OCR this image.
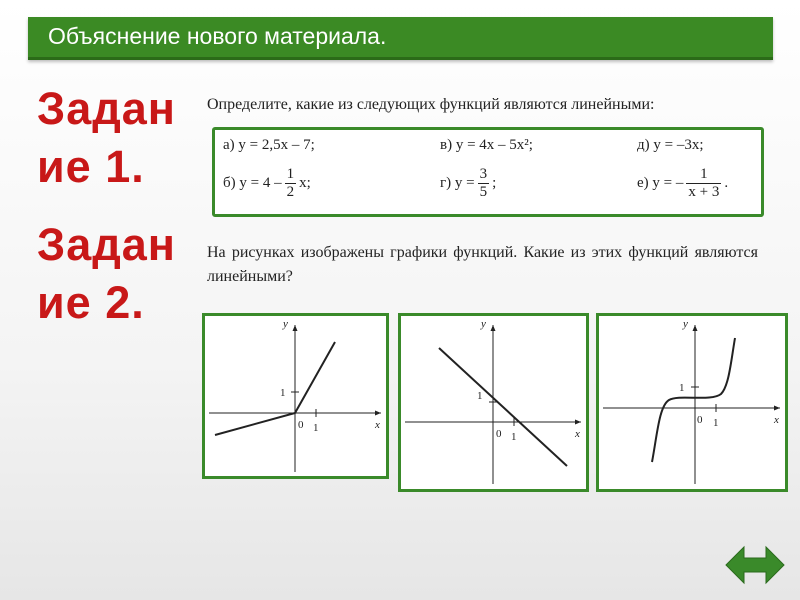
Объяснение нового материала.
Задан
ие 1.
Задан
ие 2.
Определите, какие из следующих функций являются линейными:
а) y = 2,5x – 7;	в) y = 4x – 5x²;	д) y = –3x;
б) $y = 4 - \frac{1}{2} x$;	г) $y = \frac{3}{5}$ ;	е) y = – $\frac{1}{x + 3}$ .
На рисунках изображены графики функций. Какие из этих функций являются линейными?
y
x
0 1
1
y
x
0 1
1
y
x
0 1
1
